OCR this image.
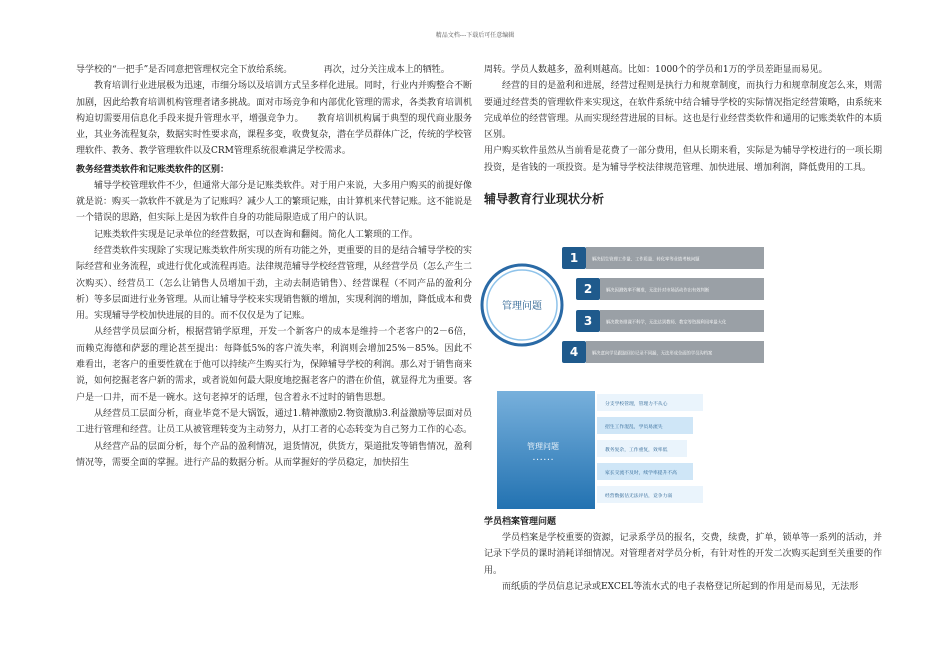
精品文档---下载后可任意编辑

导学校的“一把手”是否同意把管理权完全下放给系统。　　　　再次，过分关注成本上的牺牲。

教育培训行业进展极为迅速，市细分场以及培训方式呈多样化进展。同时，行业内并购整合不断加剧，因此给教育培训机构管理者诸多挑战。面对市场竞争和内部优化管理的需求，各类教育培训机构迫切需要用信息化手段来提升管理水平，增强竞争力。　　教育培训机构属于典型的现代商业服务业，其业务流程复杂，数据实时性要求高，课程多变，收费复杂，潜在学员群体广泛，传统的学校管理软件、教务、教学管理软件以及CRM管理系统很难满足学校需求。

教务经营类软件和记账类软件的区别：

辅导学校管理软件不少，但通常大部分是记账类软件。对于用户来说，大多用户购买的前提好像就是说：购买一款软件不就是为了记账吗？减少人工的繁琐记账，由计算机来代替记账。这不能说是一个错误的思路，但实际上是因为软件自身的功能局限造成了用户的认识。

记账类软件实现是记录单位的经营数据，可以查询和翻阅。简化人工繁琐的工作。

经营类软件实现除了实现记账类软件所实现的所有功能之外，更重要的目的是结合辅导学校的实际经营和业务流程，或进行优化或流程再造。法律规范辅导学校经营管理，从经营学员（怎么产生二次购买）、经营员工（怎么让销售人员增加干劲，主动去制造销售）、经营课程（不同产品的盈利分析）等多层面进行业务管理。从而让辅导学校来实现销售额的增加，实现利润的增加，降低成本和费用。实现辅导学校加快进展的目的。而不仅仅是为了记账。

从经营学员层面分析，根据营销学原理，开发一个新客户的成本是维持一个老客户的2－6倍，而赖克海德和萨瑟的理论甚至提出：每降低5%的客户流失率，利润则会增加25%－85%。因此不难看出，老客户的重要性就在于他可以持续产生购买行为，保障辅导学校的利润。那么对于销售商来说，如何挖掘老客户新的需求，或者说如何最大限度地挖掘老客户的潜在价值，就显得尤为重要。客户是一口井，而不是一碗水。这句老掉牙的话理，包含着永不过时的销售思想。

从经营员工层面分析，商业毕竟不是大锅饭，通过1.精神激励2.物资激励3.利益激励等层面对员工进行管理和经营。让员工从被管理转变为主动努力，从打工者的心态转变为自己努力工作的心态。

从经营产品的层面分析，每个产品的盈利情况，退货情况，供货方，渠道批发等销售情况，盈利情况等，需要全面的掌握。进行产品的数据分析。从而掌握好的学员稳定，加快招生

周转。学员人数越多，盈利则越高。比如：1000个的学员和1万的学员差距显而易见。

经营的目的是盈利和进展，经营过程则是执行力和规章制度，而执行力和规章制度怎么来，则需要通过经营类的管理软件来实现这，在软件系统中结合辅导学校的实际情况指定经营策略，由系统来完成单位的经营管理。从而实现经营进展的目标。这也是行业经营类软件和通用的记账类软件的本质区别。

用户购买软件虽然从当前看是花费了一部分费用，但从长期来看，实际是为辅导学校进行的一项长期投资，是省钱的一项投资。是为辅导学校法律规范管理、加快进展、增加利润，降低费用的工具。

辅导教育行业现状分析
管理问题
1	解决招生管理工作量、工作质量、转化率等业绩考核问题
2	解决因测效率不精准，无法针对市场活动作出有效判断
3	解决教务排课不科学，无法达到教师、教室等资源利用率最大化
4	解决意向学员跟踪回访记录不同漏，无法形成全面的学员沟档案
管理问题
• • • • • •
分支学校管理，管理力不从心
招生工作混乱，学员易流失
教务复杂，工作重复，效率低
家长交流不及时，续学率提升不高
经营数据估无法评估，竞争力弱
学员档案管理问题

学员档案是学校重要的资源，记录系学员的报名，交费，续费，扩单，锁单等一系列的活动，并记录下学员的课时消耗详细情况。对管理者对学员分析，有针对性的开发二次购买起到至关重要的作用。

而纸质的学员信息记录或EXCEL等流水式的电子表格登记所起到的作用是而易见，无法形
